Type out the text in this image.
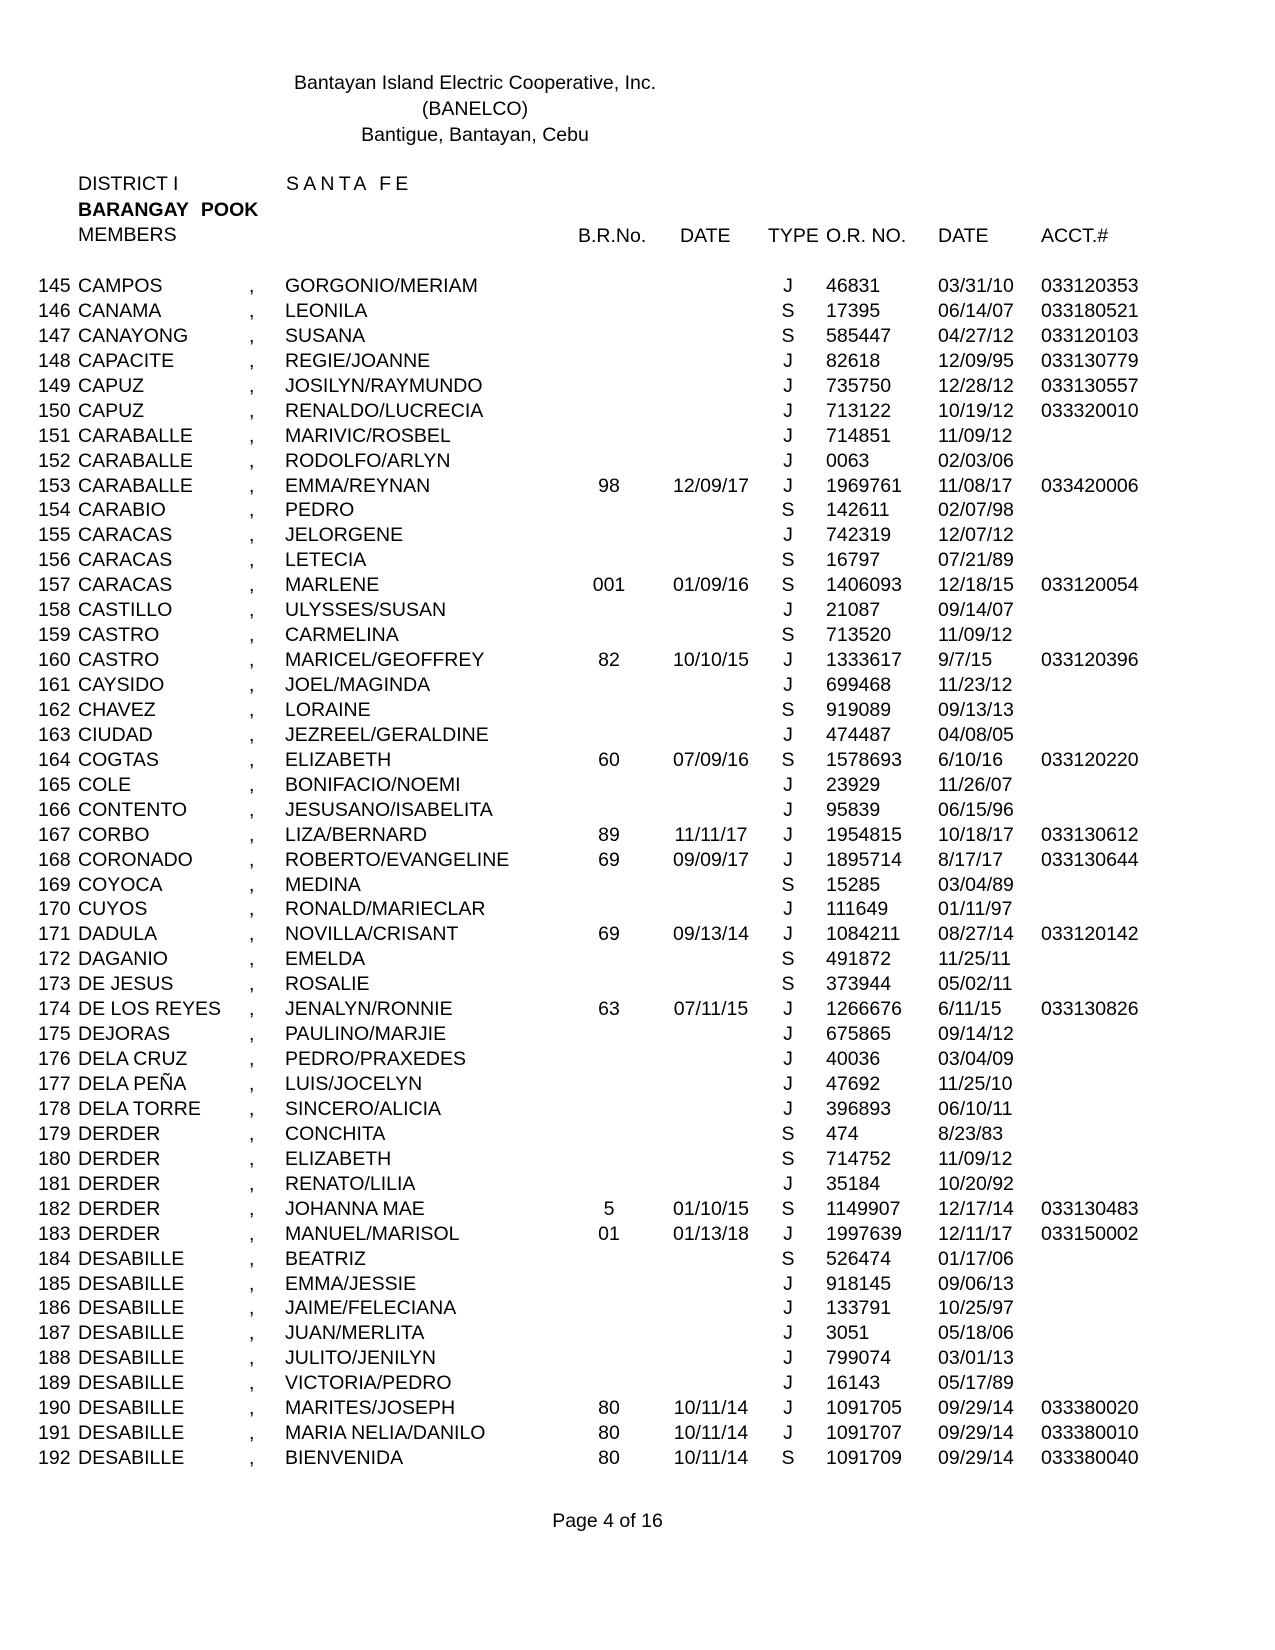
Bantayan Island Electric Cooperative, Inc.
(BANELCO)
Bantigue, Bantayan, Cebu

DISTRICT I

	SANTA FE

BARANGAY POOK

MEMBERS

	B.R.No. DATE TYPE O.R. NO. DATE	ACCT.#
145 CAMPOS	, GORGONIO/MERIAM	J 46831	03/31/10 033120353
146 CANAMA	, LEONILA	S 17395	06/14/07 033180521
147 CANAYONG	, SUSANA	S 585447 04/27/12 033120103
148 CAPACITE	, REGIE/JOANNE	J 82618	12/09/95 033130779
149 CAPUZ	, JOSILYN/RAYMUNDO	J 735750 12/28/12 033130557
150 CAPUZ	, RENALDO/LUCRECIA	J 713122 10/19/12 033320010
151 CARABALLE	, MARIVIC/ROSBEL	J 714851 11/09/12
152 CARABALLE	, RODOLFO/ARLYN	J 0063	02/03/06
153 CARABALLE	, EMMA/REYNAN	98	12/09/17 J 1969761 11/08/17 033420006
154 CARABIO	, PEDRO	S 142611 02/07/98
155 CARACAS	, JELORGENE	J 742319 12/07/12
156 CARACAS	, LETECIA	S 16797	07/21/89
157 CARACAS	, MARLENE	001	01/09/16 S 1406093 12/18/15 033120054
158 CASTILLO	, ULYSSES/SUSAN	J 21087	09/14/07
159 CASTRO	, CARMELINA	S 713520 11/09/12
160 CASTRO	, MARICEL/GEOFFREY	82	10/10/15 J 1333617 9/7/15	033120396
161 CAYSIDO	, JOEL/MAGINDA	J 699468 11/23/12
162 CHAVEZ	, LORAINE	S 919089 09/13/13
163 CIUDAD	, JEZREEL/GERALDINE	J 474487 04/08/05
164 COGTAS	, ELIZABETH	60	07/09/16 S 1578693 6/10/16 033120220
165 COLE	, BONIFACIO/NOEMI	J 23929	11/26/07
166 CONTENTO	, JESUSANO/ISABELITA	J 95839	06/15/96
167 CORBO	, LIZA/BERNARD	89	11/11/17	J 1954815 10/18/17 033130612
168 CORONADO	, ROBERTO/EVANGELINE	69	09/09/17 J 1895714 8/17/17 033130644
169 COYOCA	, MEDINA	S 15285	03/04/89
170 CUYOS	, RONALD/MARIECLAR	J 111649	01/11/97
171 DADULA	, NOVILLA/CRISANT	69	09/13/14 J 1084211 08/27/14 033120142
172 DAGANIO	, EMELDA	S 491872 11/25/11
173 DE JESUS	, ROSALIE	S 373944 05/02/11
174 DE LOS REYES , JENALYN/RONNIE	63	07/11/15 J 1266676 6/11/15 033130826
175 DEJORAS	, PAULINO/MARJIE	J 675865 09/14/12
176 DELA CRUZ	, PEDRO/PRAXEDES	J 40036	03/04/09
177 DELA PEÑA	, LUIS/JOCELYN	J 47692	11/25/10
178 DELA TORRE , SINCERO/ALICIA	J 396893 06/10/11
179 DERDER	, CONCHITA	S 474	8/23/83
180 DERDER	, ELIZABETH	S 714752 11/09/12
181 DERDER	, RENATO/LILIA	J 35184	10/20/92
182 DERDER	, JOHANNA MAE	5	01/10/15 S 1149907 12/17/14 033130483
183 DERDER	, MANUEL/MARISOL	01	01/13/18 J 1997639 12/11/17 033150002
184 DESABILLE	, BEATRIZ	S 526474 01/17/06
185 DESABILLE	, EMMA/JESSIE	J 918145 09/06/13
186 DESABILLE	, JAIME/FELECIANA	J 133791 10/25/97
187 DESABILLE	, JUAN/MERLITA	J 3051	05/18/06
188 DESABILLE	, JULITO/JENILYN	J 799074 03/01/13
189 DESABILLE	, VICTORIA/PEDRO	J 16143	05/17/89
190 DESABILLE	, MARITES/JOSEPH	80	10/11/14 J 1091705 09/29/14 033380020
191 DESABILLE	, MARIA NELIA/DANILO	80	10/11/14 J 1091707 09/29/14 033380010
192 DESABILLE	, BIENVENIDA	80	10/11/14 S 1091709 09/29/14 033380040
Page 4 of 16
